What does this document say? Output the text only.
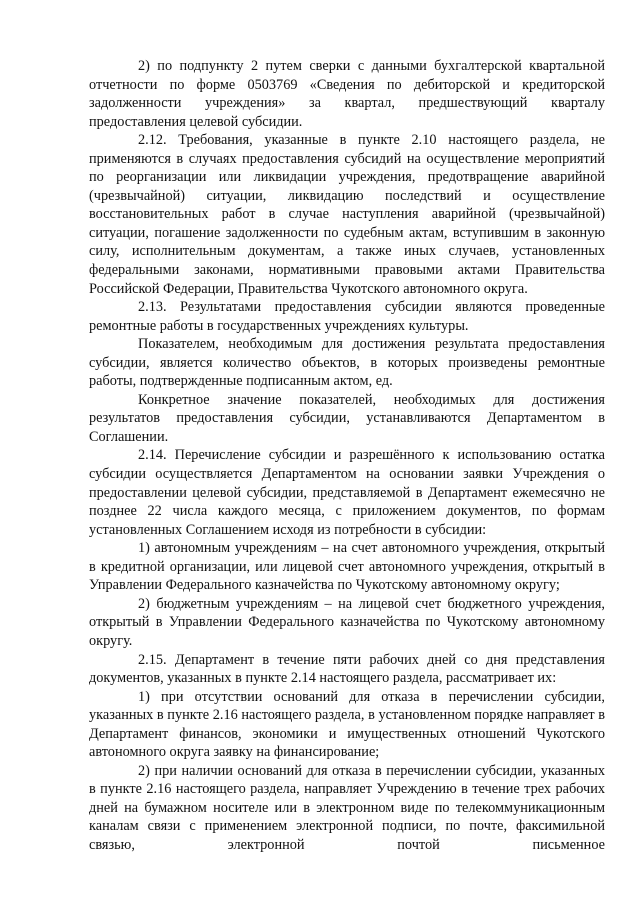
2) по подпункту 2 путем сверки с данными бухгалтерской квартальной отчетности по форме 0503769 «Сведения по дебиторской и кредиторской задолженности учреждения» за квартал, предшествующий кварталу предоставления целевой субсидии.

2.12. Требования, указанные в пункте 2.10 настоящего раздела, не применяются в случаях предоставления субсидий на осуществление мероприятий по реорганизации или ликвидации учреждения, предотвращение аварийной (чрезвычайной) ситуации, ликвидацию последствий и осуществление восстановительных работ в случае наступления аварийной (чрезвычайной) ситуации, погашение задолженности по судебным актам, вступившим в законную силу, исполнительным документам, а также иных случаев, установленных федеральными законами, нормативными правовыми актами Правительства Российской Федерации, Правительства Чукотского автономного округа.

2.13. Результатами предоставления субсидии являются проведенные ремонтные работы в государственных учреждениях культуры.

Показателем, необходимым для достижения результата предоставления субсидии, является количество объектов, в которых произведены ремонтные работы, подтвержденные подписанным актом, ед.

Конкретное значение показателей, необходимых для достижения результатов предоставления субсидии, устанавливаются Департаментом в Соглашении.

2.14. Перечисление субсидии и разрешённого к использованию остатка субсидии осуществляется Департаментом на основании заявки Учреждения о предоставлении целевой субсидии, представляемой в Департамент ежемесячно не позднее 22 числа каждого месяца, с приложением документов, по формам установленных Соглашением исходя из потребности в субсидии:

1) автономным учреждениям – на счет автономного учреждения, открытый в кредитной организации, или лицевой счет автономного учреждения, открытый в Управлении Федерального казначейства по Чукотскому автономному округу;

2) бюджетным учреждениям – на лицевой счет бюджетного учреждения, открытый в Управлении Федерального казначейства по Чукотскому автономному округу.

2.15. Департамент в течение пяти рабочих дней со дня представления документов, указанных в пункте 2.14 настоящего раздела, рассматривает их:

1) при отсутствии оснований для отказа в перечислении субсидии, указанных в пункте 2.16 настоящего раздела, в установленном порядке направляет в Департамент финансов, экономики и имущественных отношений Чукотского автономного округа заявку на финансирование;

2) при наличии оснований для отказа в перечислении субсидии, указанных в пункте 2.16 настоящего раздела, направляет Учреждению в течение трех рабочих дней на бумажном носителе или в электронном виде по телекоммуникационным каналам связи с применением электронной подписи, по почте, факсимильной связью, электронной почтой письменное
